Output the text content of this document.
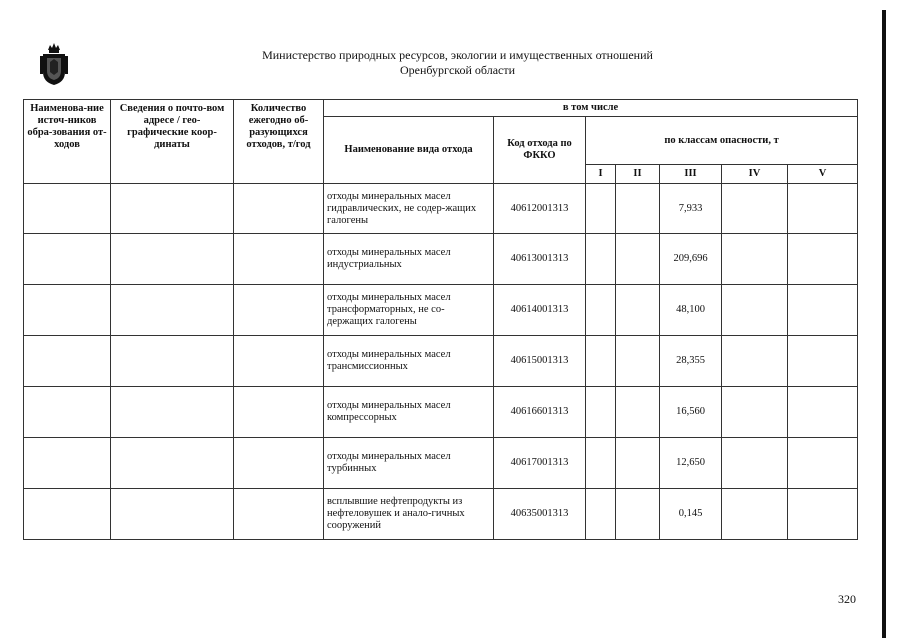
Министерство природных ресурсов, экологии и имущественных отношений
Оренбургской области
Наименова-ние источ-ников обра-зования от-ходов	Сведения о почто-вом адресе / гео-графические коор-динаты	Количество ежегодно об-разующихся отходов, т/год	в том числе						
			Наименование вида отхода	Код отхода по ФККО	по классам опасности, т				
					I	II	III	IV	V
			отходы минеральных масел гидравлических, не содер-жащих галогены	40612001313			7,933		
			отходы минеральных масел индустриальных	40613001313			209,696		
			отходы минеральных масел трансформаторных, не со-держащих галогены	40614001313			48,100		
			отходы минеральных масел трансмиссионных	40615001313			28,355		
			отходы минеральных масел компрессорных	40616601313			16,560		
			отходы минеральных масел турбинных	40617001313			12,650		
			всплывшие нефтепродукты из нефтеловушек и анало-гичных сооружений	40635001313			0,145		
320
